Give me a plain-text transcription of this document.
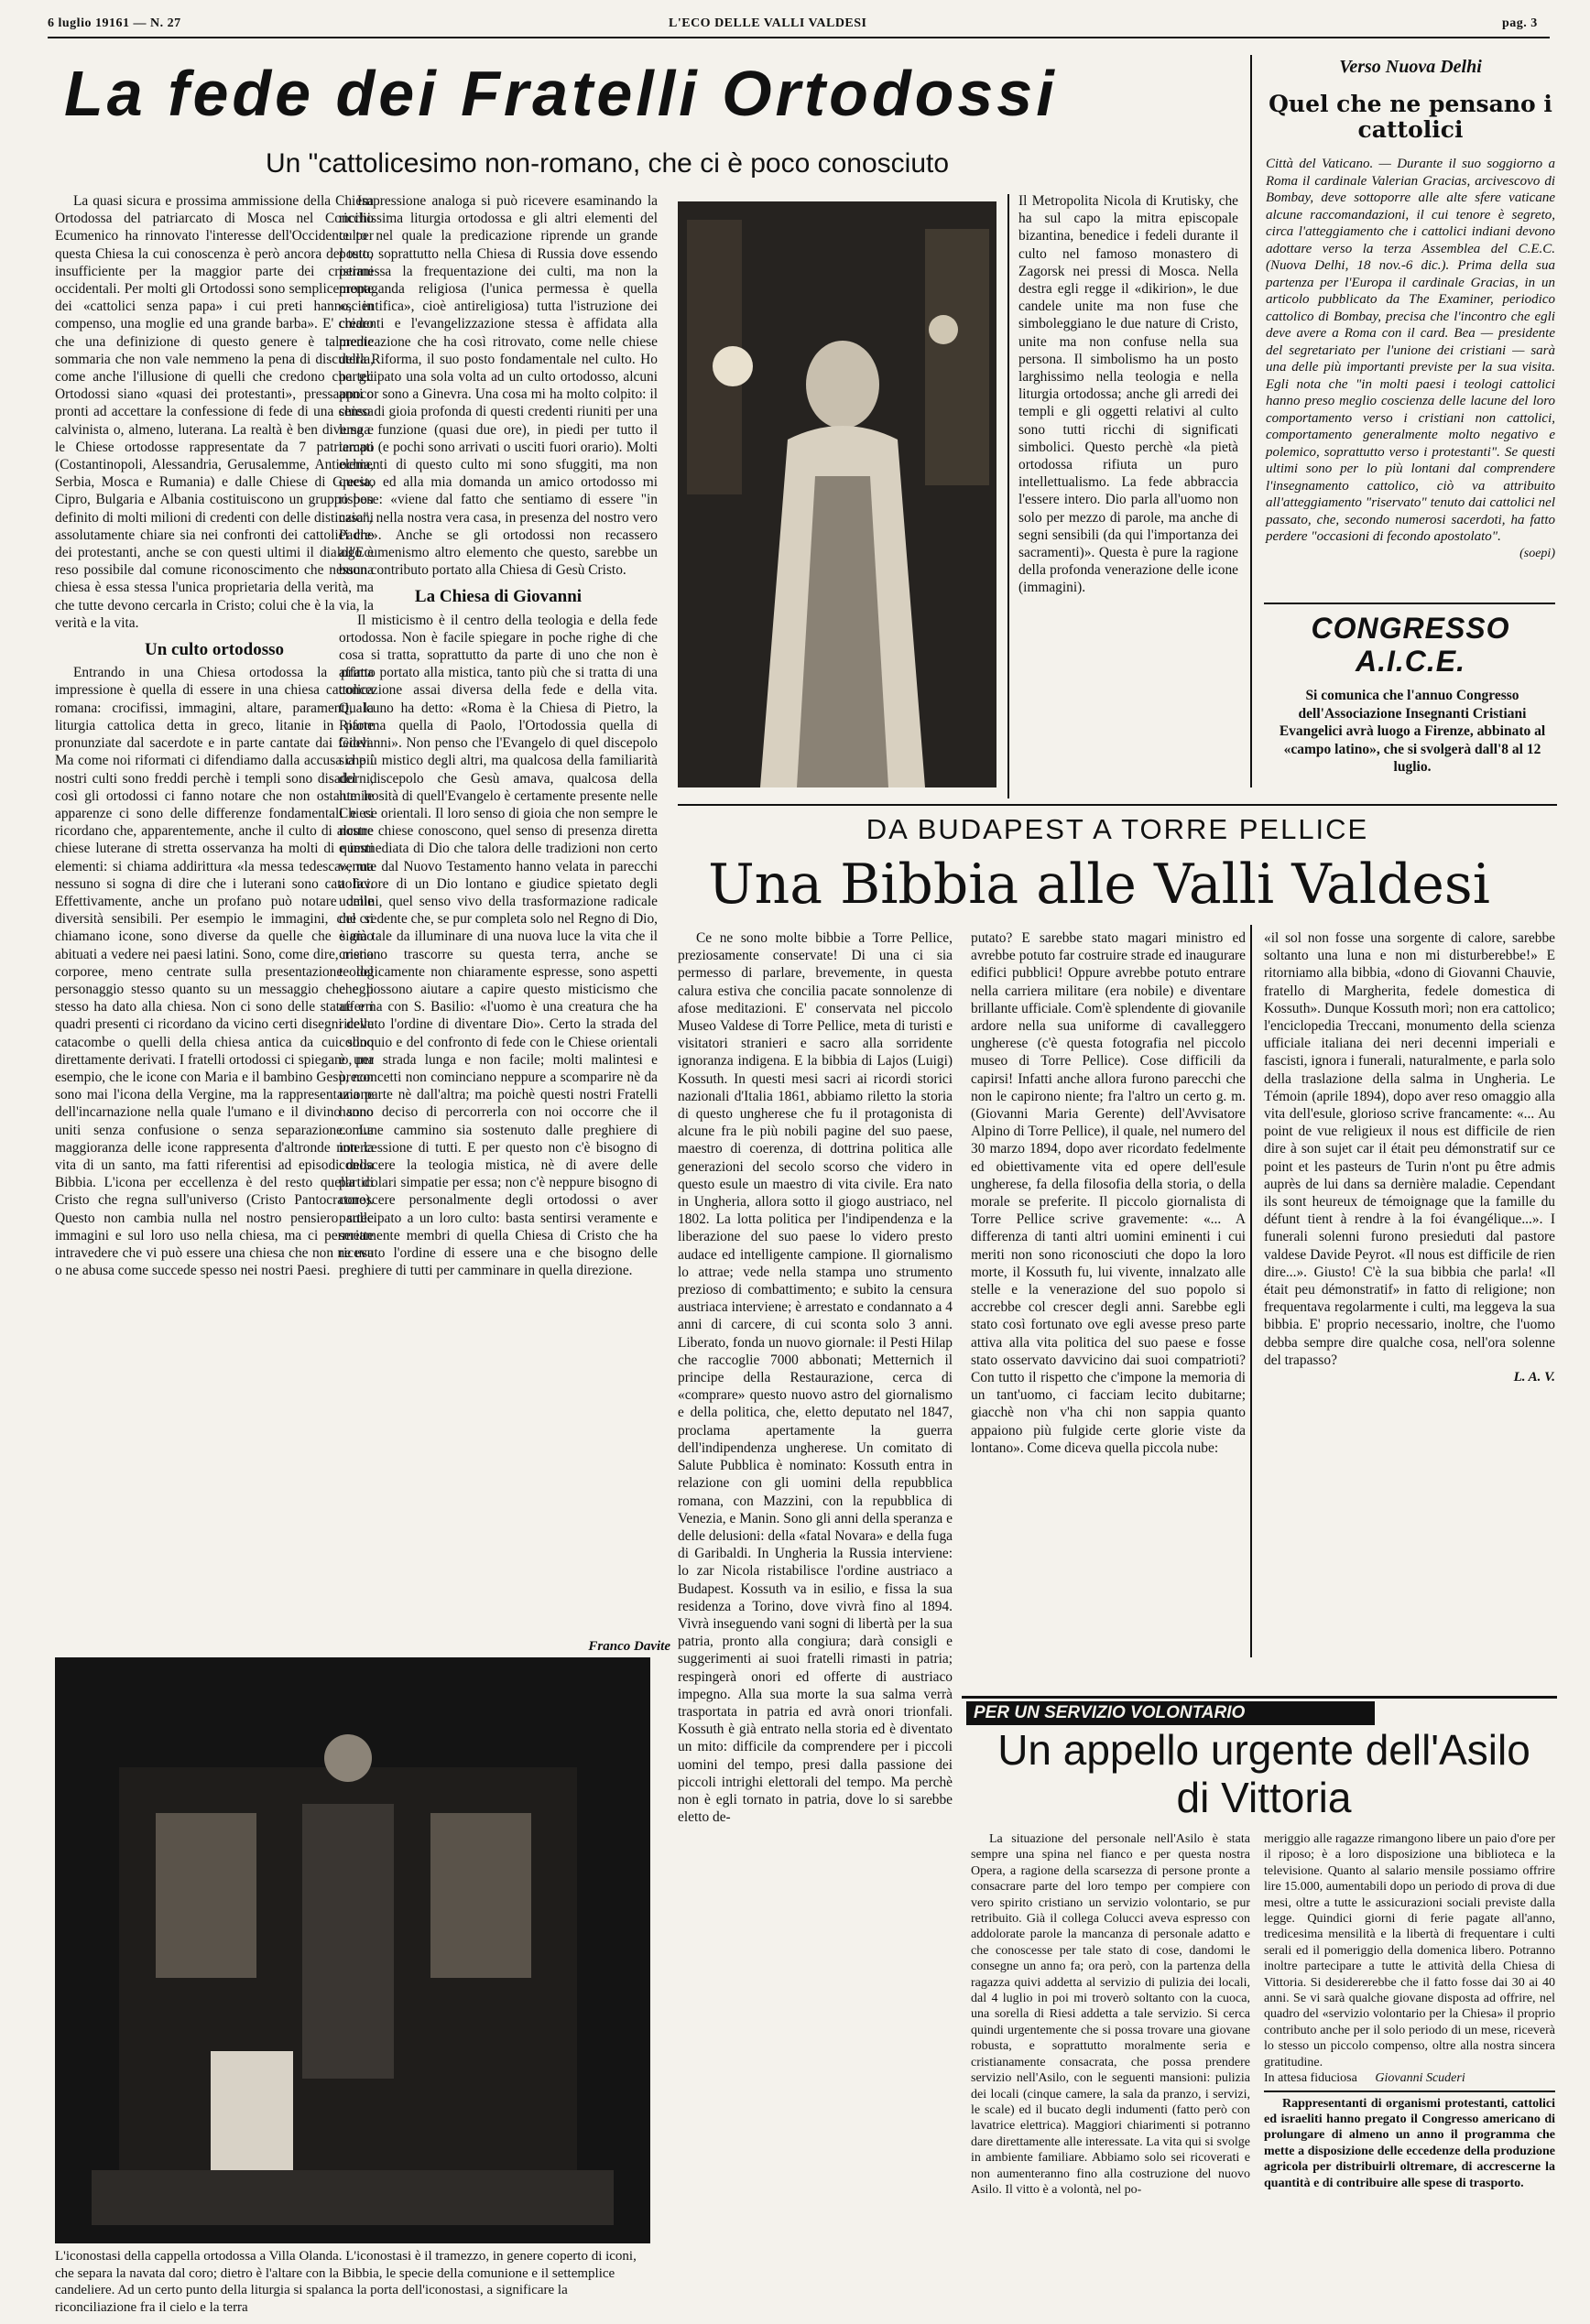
6 luglio 19161 — N. 27	L'ECO DELLE VALLI VALDESI	pag. 3
La fede dei Fratelli Ortodossi
Un "cattolicesimo non-romano, che ci è poco conosciuto

La quasi sicura e prossima ammissione della Chiesa Ortodossa del patriarcato di Mosca nel Concilio Ecumenico ha rinnovato l'interesse dell'Occidente per questa Chiesa la cui conoscenza è però ancora del tutto insufficiente per la maggior parte dei cristiani occidentali. Per molti gli Ortodossi sono semplicemente dei «cattolici senza papa» i cui preti hanno, in compenso, una moglie ed una grande barba». E' chiaro che una definizione di questo genere è talmente sommaria che non vale nemmeno la pena di discuterla, come anche l'illusione di quelli che credono che gli Ortodossi siano «quasi dei protestanti», pressappoco pronti ad accettare la confessione di fede di una chiesa calvinista o, almeno, luterana. La realtà è ben diversa e le Chiese ortodosse rappresentate da 7 patriarcati (Costantinopoli, Alessandria, Gerusalemme, Antiochia, Serbia, Mosca e Rumania) e dalle Chiese di Grecia, Cipro, Bulgaria e Albania costituiscono un gruppo ben definito di molti milioni di credenti con delle distinzioni assolutamente chiare sia nei confronti dei cattolici che dei protestanti, anche se con questi ultimi il dialogo è reso possibile dal comune riconoscimento che nessuna chiesa è essa stessa l'unica proprietaria della verità, ma che tutte devono cercarla in Cristo; colui che è la via, la verità e la vita.

Un culto ortodosso

Entrando in una Chiesa ortodossa la prima impressione è quella di essere in una chiesa cattolica romana: crocifissi, immagini, altare, paramenti, la liturgia cattolica detta in greco, litanie in parte pronunziate dal sacerdote e in parte cantate dai fedeli. Ma come noi riformati ci difendiamo dalla accusa che i nostri culti sono freddi perchè i templi sono disadorni, così gli ortodossi ci fanno notare che non ostante le apparenze ci sono delle differenze fondamentali e ci ricordano che, apparentemente, anche il culto di alcune chiese luterane di stretta osservanza ha molti di questi elementi: si chiama addirittura «la messa tedesca», ma nessuno si sogna di dire che i luterani sono cattolici. Effettivamente, anche un profano può notare delle diversità sensibili. Per esempio le immagini, che si chiamano icone, sono diverse da quelle che siamo abituati a vedere nei paesi latini. Sono, come dire, meno corporee, meno centrate sulla presentazione del personaggio stesso quanto su un messaggio che egli stesso ha dato alla chiesa. Non ci sono delle statue e i quadri presenti ci ricordano da vicino certi disegni delle catacombe o quelli della chiesa antica da cui sono direttamente derivati. I fratelli ortodossi ci spiegano, per esempio, che le icone con Maria e il bambino Gesù, non sono mai l'icona della Vergine, ma la rappresentazione dell'incarnazione nella quale l'umano e il divino sono uniti senza confusione o senza separazione. La maggioranza delle icone rappresenta d'altronde non la vita di un santo, ma fatti riferentisi ad episodi della Bibbia. L'icona per eccellenza è del resto quella di Cristo che regna sull'universo (Cristo Pantocratore). Questo non cambia nulla nel nostro pensiero sulle immagini e sul loro uso nella chiesa, ma ci permette intravedere che vi può essere una chiesa che non ne usa o ne abusa come succede spesso nei nostri Paesi.

Impressione analoga si può ricevere esaminando la ricchissima liturgia ortodossa e gli altri elementi del culto nel quale la predicazione riprende un grande posto, soprattutto nella Chiesa di Russia dove essendo permessa la frequentazione dei culti, ma non la propaganda religiosa (l'unica permessa è quella «scientifica», cioè antireligiosa) tutta l'istruzione dei credenti e l'evangelizzazione stessa è affidata alla predicazione che ha così ritrovato, come nelle chiese della Riforma, il suo posto fondamentale nel culto. Ho partecipato una sola volta ad un culto ortodosso, alcuni anni or sono a Ginevra. Una cosa mi ha molto colpito: il senso di gioia profonda di questi credenti riuniti per una lunga funzione (quasi due ore), in piedi per tutto il tempo (e pochi sono arrivati o usciti fuori orario). Molti elementi di questo culto mi sono sfuggiti, ma non questo ed alla mia domanda un amico ortodosso mi rispose: «viene dal fatto che sentiamo di essere "in casa", nella nostra vera casa, in presenza del nostro vero Padre». Anche se gli ortodossi non recassero all'Ecumenismo altro elemento che questo, sarebbe un buon contributo portato alla Chiesa di Gesù Cristo.

La Chiesa di Giovanni

Il misticismo è il centro della teologia e della fede ortodossa. Non è facile spiegare in poche righe di che cosa si tratta, soprattutto da parte di uno che non è affatto portato alla mistica, tanto più che si tratta di una concezione assai diversa della fede e della vita. Qualcuno ha detto: «Roma è la Chiesa di Pietro, la Riforma quella di Paolo, l'Ortodossia quella di Giovanni». Non penso che l'Evangelo di quel discepolo sia più mistico degli altri, ma qualcosa della familiarità del discepolo che Gesù amava, qualcosa della luminosità di quell'Evangelo è certamente presente nelle Chiese orientali. Il loro senso di gioia che non sempre le nostre chiese conoscono, quel senso di presenza diretta e immediata di Dio che talora delle tradizioni non certo venute dal Nuovo Testamento hanno velata in parecchi a favore di un Dio lontano e giudice spietato degli uomini, quel senso vivo della trasformazione radicale del credente che, se pur completa solo nel Regno di Dio, è già tale da illuminare di una nuova luce la vita che il cristiano trascorre su questa terra, anche se teologicamente non chiaramente espresse, sono aspetti che possono aiutare a capire questo misticismo che afferma con S. Basilio: «l'uomo è una creatura che ha ricevuto l'ordine di diventare Dio». Certo la strada del colloquio e del confronto di fede con le Chiese orientali è una strada lunga e non facile; molti malintesi e preconcetti non cominciano neppure a scomparire nè da una parte nè dall'altra; ma poichè questi nostri Fratelli hanno deciso di percorrerla con noi occorre che il comune cammino sia sostenuto dalle preghiere di intercessione di tutti. E per questo non c'è bisogno di conoscere la teologia mistica, nè di avere delle particolari simpatie per essa; non c'è neppure bisogno di conoscere personalmente degli ortodossi o aver partecipato a un loro culto: basta sentirsi veramente e seriamente membri di quella Chiesa di Cristo che ha ricevuto l'ordine di essere una e che bisogno delle preghiere di tutti per camminare in quella direzione.

Franco Davite

Il Metropolita Nicola di Krutisky, che ha sul capo la mitra episcopale bizantina, benedice i fedeli durante il culto nel famoso monastero di Zagorsk nei pressi di Mosca. Nella destra egli regge il «dikirion», le due candele unite ma non fuse che simboleggiano le due nature di Cristo, unite ma non confuse nella sua persona. Il simbolismo ha un posto larghissimo nella teologia e nella liturgia ortodossa; anche gli arredi dei templi e gli oggetti relativi al culto sono tutti ricchi di significati simbolici. Questo perchè «la pietà ortodossa rifiuta un puro intellettualismo. La fede abbraccia l'essere intero. Dio parla all'uomo non solo per mezzo di parole, ma anche di segni sensibili (da qui l'importanza dei sacramenti)». Questa è pure la ragione della profonda venerazione delle icone (immagini).

L'iconostasi della cappella ortodossa a Villa Olanda. L'iconostasi è il tramezzo, in genere coperto di iconi, che separa la navata dal coro; dietro è l'altare con la Bibbia, le specie della comunione e il settemplice candeliere. Ad un certo punto della liturgia si spalanca la porta dell'iconostasi, a significare la riconciliazione fra il cielo e la terra
Verso Nuova Delhi
Quel che ne pensano i cattolici

Città del Vaticano. — Durante il suo soggiorno a Roma il cardinale Valerian Gracias, arcivescovo di Bombay, deve sottoporre alle alte sfere vaticane alcune raccomandazioni, il cui tenore è segreto, circa l'atteggiamento che i cattolici indiani devono adottare verso la terza Assemblea del C.E.C. (Nuova Delhi, 18 nov.-6 dic.). Prima della sua partenza per l'Europa il cardinale Gracias, in un articolo pubblicato da The Examiner, periodico cattolico di Bombay, precisa che l'incontro che egli deve avere a Roma con il card. Bea — presidente del segretariato per l'unione dei cristiani — sarà una delle più importanti previste per la sua visita. Egli nota che "in molti paesi i teologi cattolici hanno preso meglio coscienza delle lacune del loro comportamento verso i cristiani non cattolici, comportamento generalmente molto negativo e polemico, soprattutto verso i protestanti". Se questi ultimi sono per lo più lontani dal comprendere l'insegnamento cattolico, ciò va attribuito all'atteggiamento "riservato" tenuto dai cattolici nel passato, che, secondo numerosi sacerdoti, ha fatto perdere "occasioni di fecondo apostolato".

(soepi)
CONGRESSO A.I.C.E.
Si comunica che l'annuo Congresso dell'Associazione Insegnanti Cristiani Evangelici avrà luogo a Firenze, abbinato al «campo latino», che si svolgerà dall'8 al 12 luglio.
DA BUDAPEST A TORRE PELLICE
Una Bibbia alle Valli Valdesi

Ce ne sono molte bibbie a Torre Pellice, preziosamente conservate! Di una ci sia permesso di parlare, brevemente, in questa calura estiva che concilia pacate sonnolenze di afose meditazioni. E' conservata nel piccolo Museo Valdese di Torre Pellice, meta di turisti e visitatori stranieri e sacro alla sorridente ignoranza indigena. E la bibbia di Lajos (Luigi) Kossuth. In questi mesi sacri ai ricordi storici nazionali d'Italia 1861, abbiamo riletto la storia di questo ungherese che fu il protagonista di alcune fra le più nobili pagine del suo paese, maestro di coerenza, di dottrina politica alle generazioni del secolo scorso che videro in questo esule un maestro di vita civile. Era nato in Ungheria, allora sotto il giogo austriaco, nel 1802. La lotta politica per l'indipendenza e la liberazione del suo paese lo videro presto audace ed intelligente campione. Il giornalismo lo attrae; vede nella stampa uno strumento prezioso di combattimento; e subito la censura austriaca interviene; è arrestato e condannato a 4 anni di carcere, di cui sconta solo 3 anni. Liberato, fonda un nuovo giornale: il Pesti Hilap che raccoglie 7000 abbonati; Metternich il principe della Restaurazione, cerca di «comprare» questo nuovo astro del giornalismo e della politica, che, eletto deputato nel 1847, proclama apertamente la guerra dell'indipendenza ungherese. Un comitato di Salute Pubblica è nominato: Kossuth entra in relazione con gli uomini della repubblica romana, con Mazzini, con la repubblica di Venezia, e Manin. Sono gli anni della speranza e delle delusioni: della «fatal Novara» e della fuga di Garibaldi. In Ungheria la Russia interviene: lo zar Nicola ristabilisce l'ordine austriaco a Budapest. Kossuth va in esilio, e fissa la sua residenza a Torino, dove vivrà fino al 1894. Vivrà inseguendo vani sogni di libertà per la sua patria, pronto alla congiura; darà consigli e suggerimenti ai suoi fratelli rimasti in patria; respingerà onori ed offerte di austriaco impegno. Alla sua morte la sua salma verrà trasportata in patria ed avrà onori trionfali. Kossuth è già entrato nella storia ed è diventato un mito: difficile da comprendere per i piccoli uomini del tempo, presi dalla passione dei piccoli intrighi elettorali del tempo. Ma perchè non è egli tornato in patria, dove lo si sarebbe eletto de-

putato? E sarebbe stato magari ministro ed avrebbe potuto far costruire strade ed inaugurare edifici pubblici! Oppure avrebbe potuto entrare nella carriera militare (era nobile) e diventare brillante ufficiale. Com'è splendente di giovanile ardore nella sua uniforme di cavalleggero ungherese (c'è questa fotografia nel piccolo museo di Torre Pellice). Cose difficili da capirsi! Infatti anche allora furono parecchi che non le capirono niente; fra l'altro un certo g. m. (Giovanni Maria Gerente) dell'Avvisatore Alpino di Torre Pellice), il quale, nel numero del 30 marzo 1894, dopo aver ricordato fedelmente ed obiettivamente vita ed opere dell'esule ungherese, fa della filosofia della storia, o della morale se preferite. Il piccolo giornalista di Torre Pellice scrive gravemente: «... A differenza di tanti altri uomini eminenti i cui meriti non sono riconosciuti che dopo la loro morte, il Kossuth fu, lui vivente, innalzato alle stelle e la venerazione del suo popolo si accrebbe col crescer degli anni. Sarebbe egli stato così fortunato ove egli avesse preso parte attiva alla vita politica del suo paese e fosse stato osservato davvicino dai suoi compatrioti? Con tutto il rispetto che c'impone la memoria di un tant'uomo, ci facciam lecito dubitarne; giacchè non v'ha chi non sappia quanto appaiono più fulgide certe glorie viste da lontano». Come diceva quella piccola nube:

«il sol non fosse una sorgente di calore, sarebbe soltanto una luna e non mi disturberebbe!» E ritorniamo alla bibbia, «dono di Giovanni Chauvie, fratello di Margherita, fedele domestica di Kossuth». Dunque Kossuth morì; non era cattolico; l'enciclopedia Treccani, monumento della scienza ufficiale italiana dei neri decenni imperiali e fascisti, ignora i funerali, naturalmente, e parla solo della traslazione della salma in Ungheria. Le Témoin (aprile 1894), dopo aver reso omaggio alla vita dell'esule, glorioso scrive francamente: «... Au point de vue religieux il nous est difficile de rien dire à son sujet car il était peu démonstratif sur ce point et les pasteurs de Turin n'ont pu être admis auprès de lui dans sa dernière maladie. Cependant ils sont heureux de témoignage que la famille du défunt tient à rendre à la foi évangélique...». I funerali solenni furono presieduti dal pastore valdese Davide Peyrot. «Il nous est difficile de rien dire...». Giusto! C'è la sua bibbia che parla! «Il était peu démonstratif» in fatto di religione; non frequentava regolarmente i culti, ma leggeva la sua bibbia. E' proprio necessario, inoltre, che l'uomo debba sempre dire qualche cosa, nell'ora solenne del trapasso?

L. A. V.
PER UN SERVIZIO VOLONTARIO
Un appello urgente dell'Asilo di Vittoria

La situazione del personale nell'Asilo è stata sempre una spina nel fianco e per questa nostra Opera, a ragione della scarsezza di persone pronte a consacrare parte del loro tempo per compiere con vero spirito cristiano un servizio volontario, se pur retribuito. Già il collega Colucci aveva espresso con addolorate parole la mancanza di personale adatto e che conoscesse per tale stato di cose, dandomi le consegne un anno fa; ora però, con la partenza della ragazza quivi addetta al servizio di pulizia dei locali, dal 4 luglio in poi mi troverò soltanto con la cuoca, una sorella di Riesi addetta a tale servizio. Si cerca quindi urgentemente che si possa trovare una giovane robusta, e soprattutto moralmente seria e cristianamente consacrata, che possa prendere servizio nell'Asilo, con le seguenti mansioni: pulizia dei locali (cinque camere, la sala da pranzo, i servizi, le scale) ed il bucato degli indumenti (fatto però con lavatrice elettrica). Maggiori chiarimenti si potranno dare direttamente alle interessate. La vita qui si svolge in ambiente familiare. Abbiamo solo sei ricoverati e non aumenteranno fino alla costruzione del nuovo Asilo. Il vitto è a volontà, nel po-

meriggio alle ragazze rimangono libere un paio d'ore per il riposo; è a loro disposizione una biblioteca e la televisione. Quanto al salario mensile possiamo offrire lire 15.000, aumentabili dopo un periodo di prova di due mesi, oltre a tutte le assicurazioni sociali previste dalla legge. Quindici giorni di ferie pagate all'anno, tredicesima mensilità e la libertà di frequentare i culti serali ed il pomeriggio della domenica libero. Potranno inoltre partecipare a tutte le attività della Chiesa di Vittoria. Si desidererebbe che il fatto fosse dai 30 ai 40 anni. Se vi sarà qualche giovane disposta ad offrire, nel quadro del «servizio volontario per la Chiesa» il proprio contributo anche per il solo periodo di un mese, riceverà lo stesso un piccolo compenso, oltre alla nostra sincera gratitudine.

In attesa fiduciosa Giovanni Scuderi

Rappresentanti di organismi protestanti, cattolici ed israeliti hanno pregato il Congresso americano di prolungare di almeno un anno il programma che mette a disposizione delle eccedenze della produzione agricola per distribuirli oltremare, di accrescerne la quantità e di contribuire alle spese di trasporto.
